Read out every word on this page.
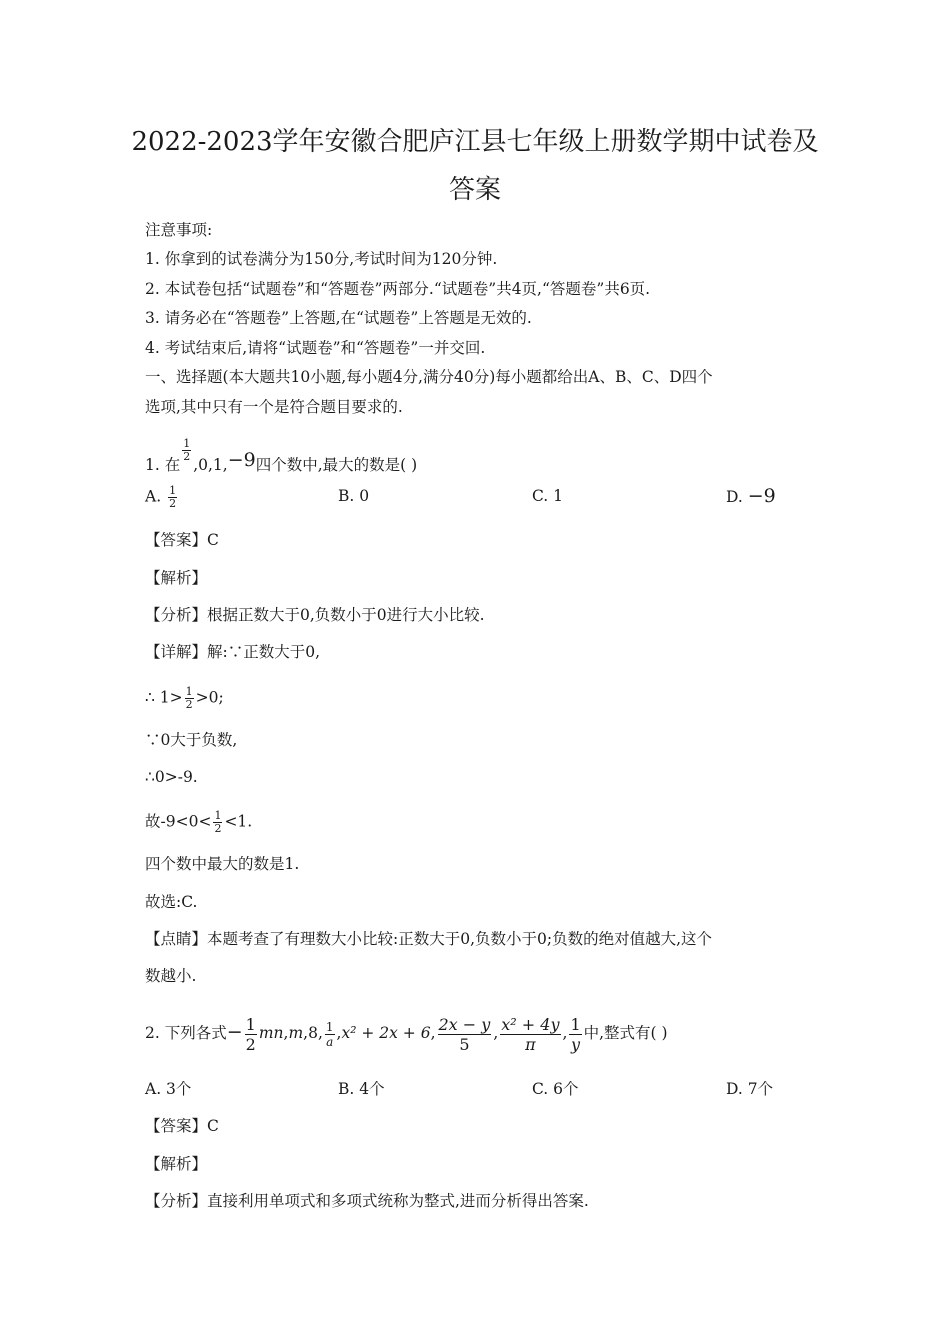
2022-2023学年安徽合肥庐江县七年级上册数学期中试卷及
答案
注意事项:
1. 你拿到的试卷满分为150分,考试时间为120分钟.
2. 本试卷包括“试题卷”和“答题卷”两部分.“试题卷”共4页,“答题卷”共6页.
3. 请务必在“答题卷”上答题,在“试题卷”上答题是无效的.
4. 考试结束后,请将“试题卷”和“答题卷”一并交回.
一、选择题(本大题共10小题,每小题4分,满分40分)每小题都给出A、B、C、D四个
选项,其中只有一个是符合题目要求的.
1. 在
$\frac{1}{2}$
,0,1,−9四个数中,最大的数是( )
A. $\frac{1}{2}$	B. 0	C. 1	D. −9
【答案】C
【解析】
【分析】根据正数大于0,负数小于0进行大小比较.
【详解】解:∵正数大于0,
∴ $1> \frac{1}{2} >0$;
∵0大于负数,
∴0>-9.
故$-9<0< \frac{1}{2} <1$.
四个数中最大的数是1.
故选:C.
【点睛】本题考查了有理数大小比较:正数大于0,负数小于0;负数的绝对值越大,这个
数越小.
2. 下列各式− $\frac{1}{2} mn,m,8$, $\frac{1}{a} ,x^2 + 2x + 6$, $\frac{2x - y}{5}$ , $\frac{\text{x² + 4y}}{\pi}$ , $\frac{1}{y}$ 中,整式有( )
A. 3个	B. 4个	C. 6个	D. 7个
【答案】C
【解析】
【分析】直接利用单项式和多项式统称为整式,进而分析得出答案.
